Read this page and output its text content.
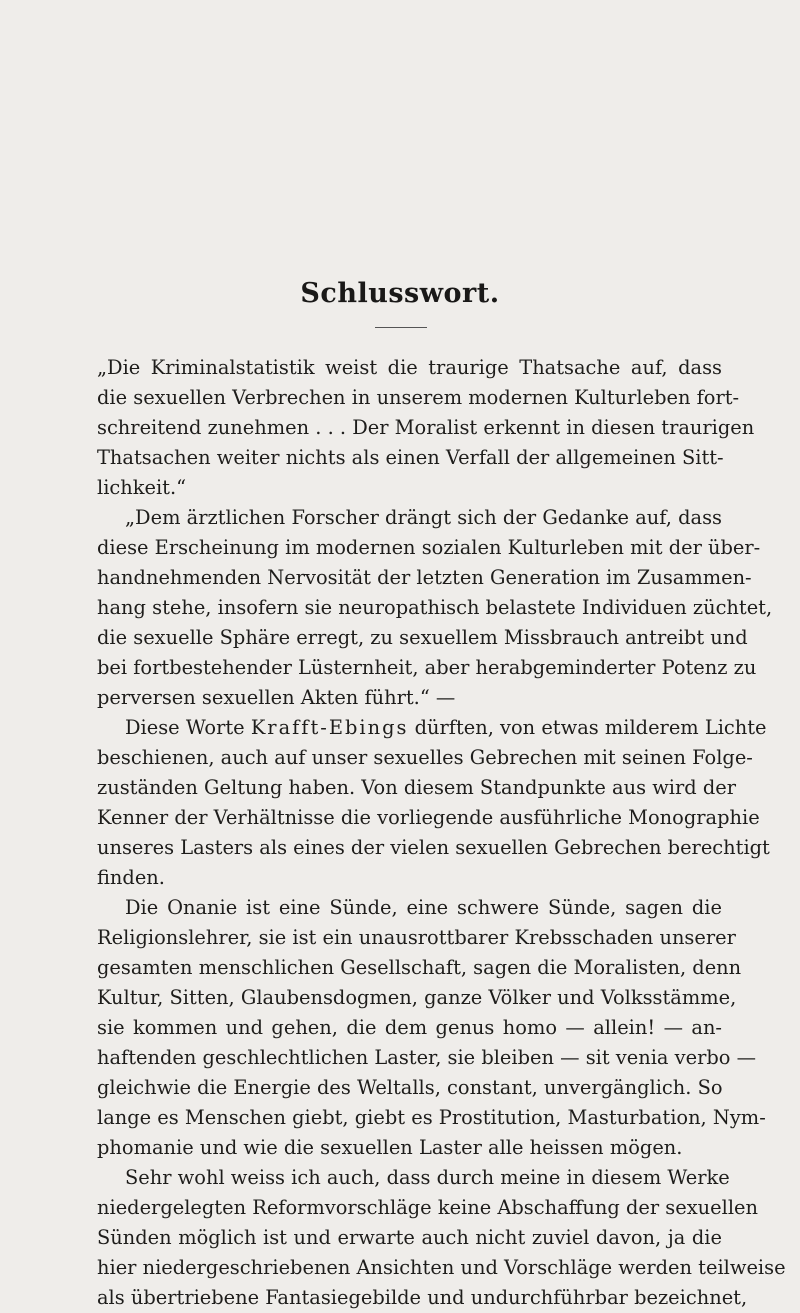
Schlusswort.
„Die Kriminalstatistik weist die traurige Thatsache auf, dass
die sexuellen Verbrechen in unserem modernen Kulturleben fort-
schreitend zunehmen . . . Der Moralist erkennt in diesen traurigen
Thatsachen weiter nichts als einen Verfall der allgemeinen Sitt-
lichkeit.“
„Dem ärztlichen Forscher drängt sich der Gedanke auf, dass
diese Erscheinung im modernen sozialen Kulturleben mit der über-
handnehmenden Nervosität der letzten Generation im Zusammen-
hang stehe, insofern sie neuropathisch belastete Individuen züchtet,
die sexuelle Sphäre erregt, zu sexuellem Missbrauch antreibt und
bei fortbestehender Lüsternheit, aber herabgeminderter Potenz zu
perversen sexuellen Akten führt.“ —
Diese Worte Krafft-Ebings dürften, von etwas milderem Lichte
beschienen, auch auf unser sexuelles Gebrechen mit seinen Folge-
zuständen Geltung haben. Von diesem Standpunkte aus wird der
Kenner der Verhältnisse die vorliegende ausführliche Monographie
unseres Lasters als eines der vielen sexuellen Gebrechen berechtigt
finden.
Die Onanie ist eine Sünde, eine schwere Sünde, sagen die
Religionslehrer, sie ist ein unausrottbarer Krebsschaden unserer
gesamten menschlichen Gesellschaft, sagen die Moralisten, denn
Kultur, Sitten, Glaubensdogmen, ganze Völker und Volksstämme,
sie kommen und gehen, die dem genus homo — allein! — an-
haftenden geschlechtlichen Laster, sie bleiben — sit venia verbo —
gleichwie die Energie des Weltalls, constant, unvergänglich. So
lange es Menschen giebt, giebt es Prostitution, Masturbation, Nym-
phomanie und wie die sexuellen Laster alle heissen mögen.
Sehr wohl weiss ich auch, dass durch meine in diesem Werke
niedergelegten Reformvorschläge keine Abschaffung der sexuellen
Sünden möglich ist und erwarte auch nicht zuviel davon, ja die
hier niedergeschriebenen Ansichten und Vorschläge werden teilweise
als übertriebene Fantasiegebilde und undurchführbar bezeichnet,
